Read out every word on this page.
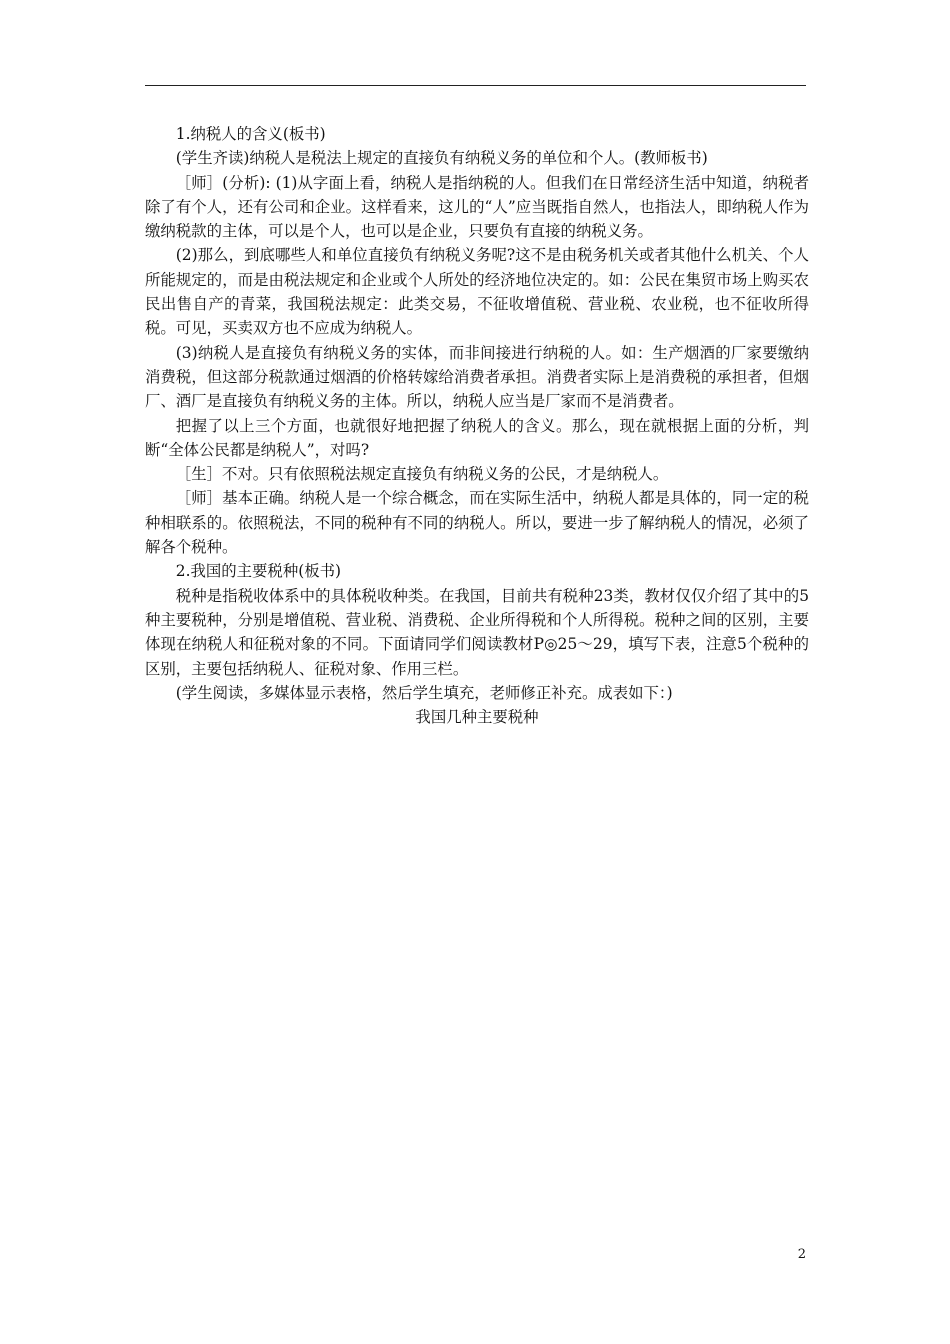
1.纳税人的含义(板书)

(学生齐读)纳税人是税法上规定的直接负有纳税义务的单位和个人。(教师板书)

［师］(分析): (1)从字面上看，纳税人是指纳税的人。但我们在日常经济生活中知道，纳税者除了有个人，还有公司和企业。这样看来，这儿的“人”应当既指自然人，也指法人，即纳税人作为缴纳税款的主体，可以是个人，也可以是企业，只要负有直接的纳税义务。

(2)那么，到底哪些人和单位直接负有纳税义务呢?这不是由税务机关或者其他什么机关、个人所能规定的，而是由税法规定和企业或个人所处的经济地位决定的。如：公民在集贸市场上购买农民出售自产的青菜，我国税法规定：此类交易，不征收增值税、营业税、农业税，也不征收所得税。可见，买卖双方也不应成为纳税人。

(3)纳税人是直接负有纳税义务的实体，而非间接进行纳税的人。如：生产烟酒的厂家要缴纳消费税，但这部分税款通过烟酒的价格转嫁给消费者承担。消费者实际上是消费税的承担者，但烟厂、酒厂是直接负有纳税义务的主体。所以，纳税人应当是厂家而不是消费者。

把握了以上三个方面，也就很好地把握了纳税人的含义。那么，现在就根据上面的分析，判断“全体公民都是纳税人”，对吗?

［生］不对。只有依照税法规定直接负有纳税义务的公民，才是纳税人。

［师］基本正确。纳税人是一个综合概念，而在实际生活中，纳税人都是具体的，同一定的税种相联系的。依照税法，不同的税种有不同的纳税人。所以，要进一步了解纳税人的情况，必须了解各个税种。

2.我国的主要税种(板书)

税种是指税收体系中的具体税收种类。在我国，目前共有税种23类，教材仅仅介绍了其中的5种主要税种，分别是增值税、营业税、消费税、企业所得税和个人所得税。税种之间的区别，主要体现在纳税人和征税对象的不同。下面请同学们阅读教材P◎25～29，填写下表，注意5个税种的区别，主要包括纳税人、征税对象、作用三栏。

(学生阅读，多媒体显示表格，然后学生填充，老师修正补充。成表如下：)

我国几种主要税种

2
